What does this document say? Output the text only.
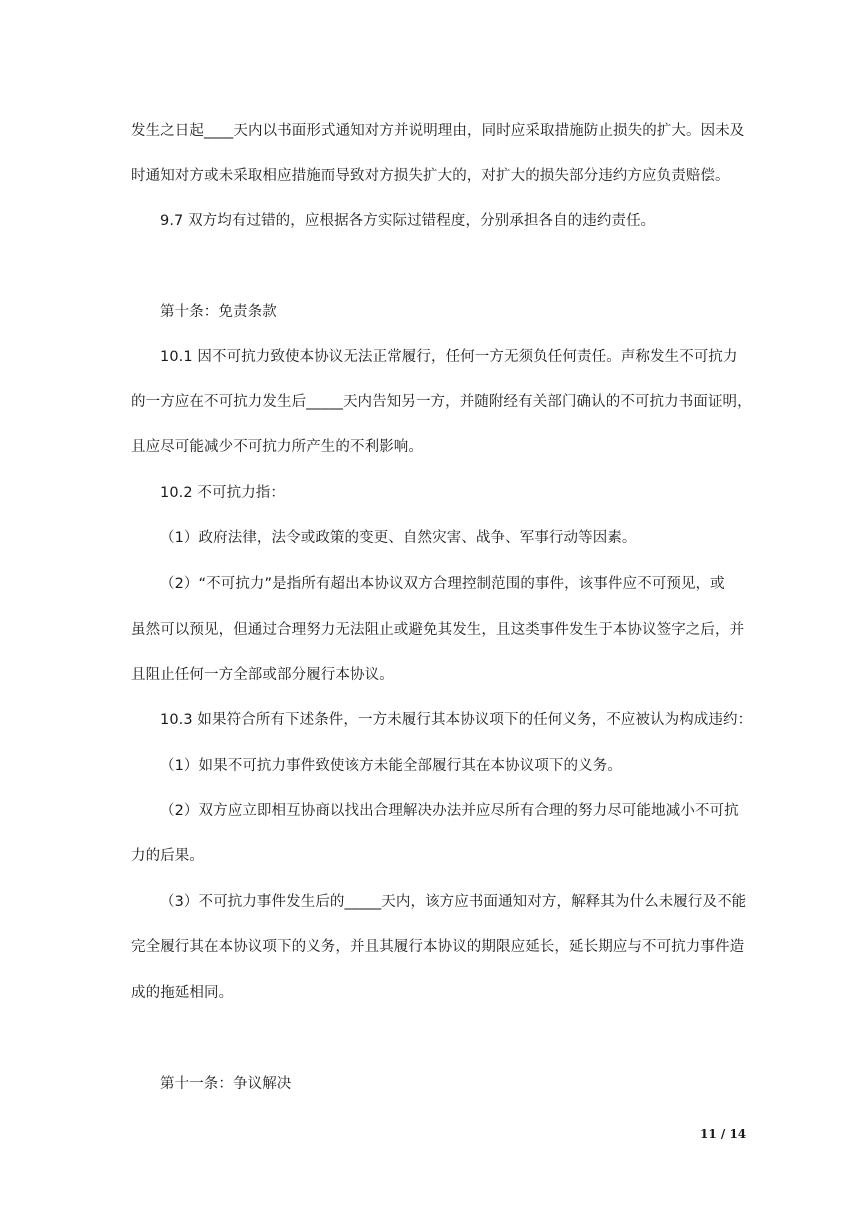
发生之日起____天内以书面形式通知对方并说明理由，同时应采取措施防止损失的扩大。因未及
时通知对方或未采取相应措施而导致对方损失扩大的，对扩大的损失部分违约方应负责赔偿。
9.7 双方均有过错的，应根据各方实际过错程度，分别承担各自的违约责任。
第十条：免责条款
10.1 因不可抗力致使本协议无法正常履行，任何一方无须负任何责任。声称发生不可抗力
的一方应在不可抗力发生后_____天内告知另一方，并随附经有关部门确认的不可抗力书面证明，
且应尽可能减少不可抗力所产生的不利影响。
10.2 不可抗力指：
（1）政府法律，法令或政策的变更、自然灾害、战争、军事行动等因素。
（2）“不可抗力”是指所有超出本协议双方合理控制范围的事件，该事件应不可预见，或
虽然可以预见，但通过合理努力无法阻止或避免其发生，且这类事件发生于本协议签字之后，并
且阻止任何一方全部或部分履行本协议。
10.3 如果符合所有下述条件，一方未履行其本协议项下的任何义务，不应被认为构成违约：
（1）如果不可抗力事件致使该方未能全部履行其在本协议项下的义务。
（2）双方应立即相互协商以找出合理解决办法并应尽所有合理的努力尽可能地减小不可抗
力的后果。
（3）不可抗力事件发生后的_____天内，该方应书面通知对方，解释其为什么未履行及不能
完全履行其在本协议项下的义务，并且其履行本协议的期限应延长，延长期应与不可抗力事件造
成的拖延相同。
第十一条：争议解决
11 / 14
